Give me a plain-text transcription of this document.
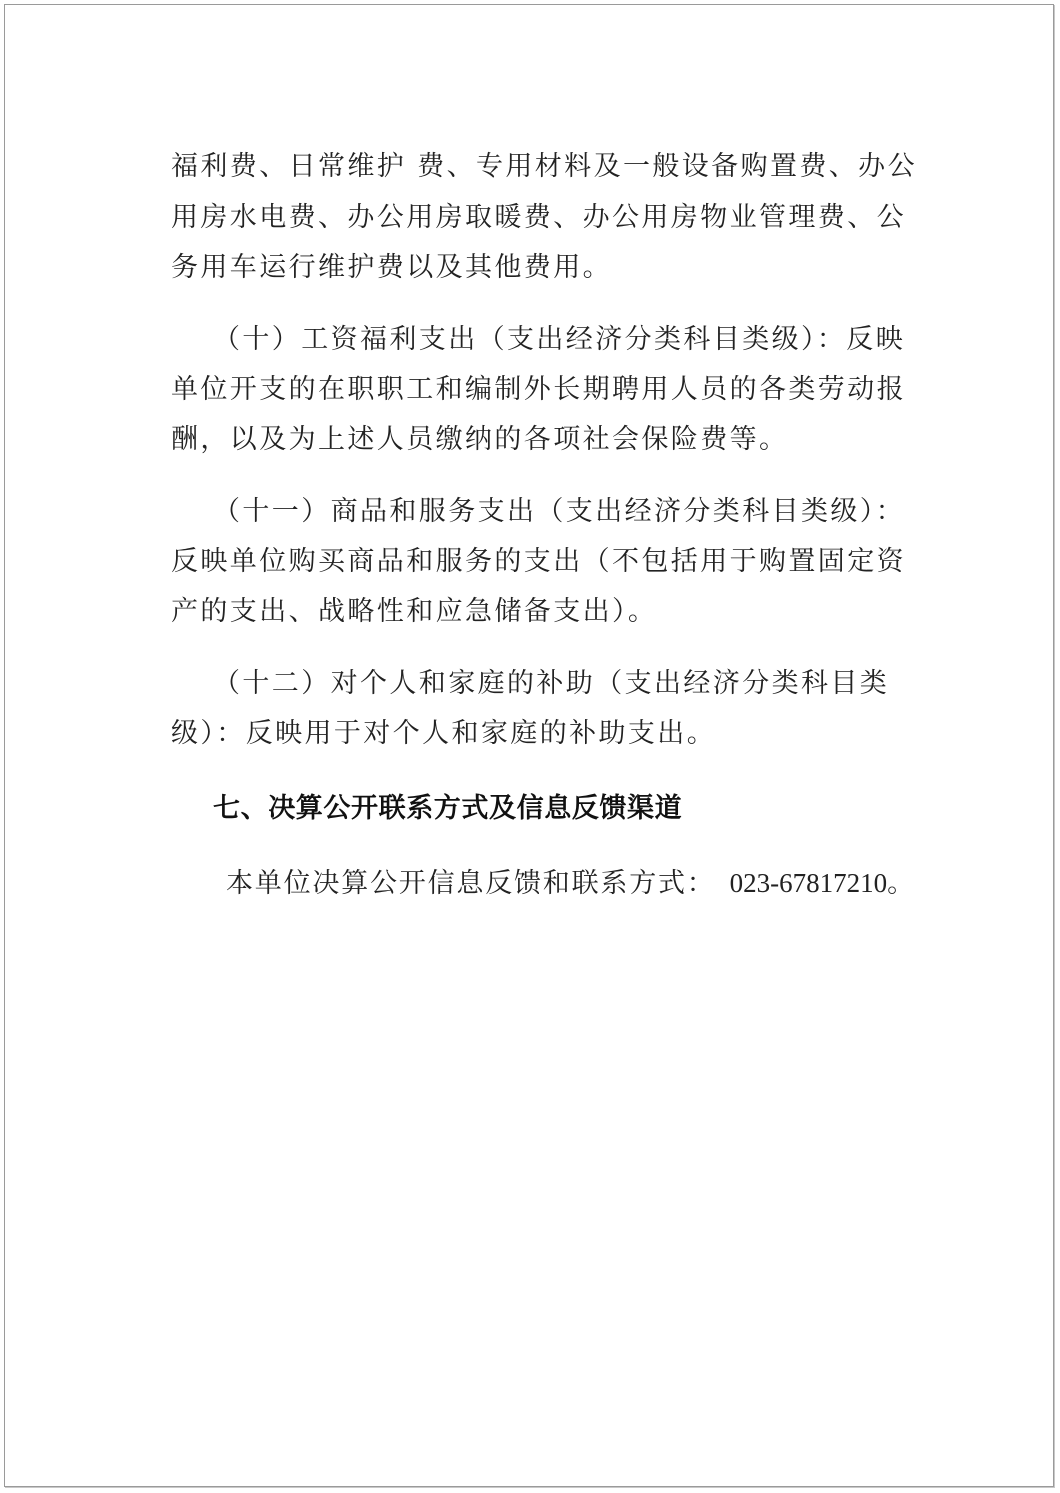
福利费、日常维护 费、专用材料及一般设备购置费、办公

用房水电费、办公用房取暖费、办公用房物业管理费、公

务用车运行维护费以及其他费用。

（十）工资福利支出（支出经济分类科目类级）：反映

单位开支的在职职工和编制外长期聘用人员的各类劳动报

酬，以及为上述人员缴纳的各项社会保险费等。

（十一）商品和服务支出（支出经济分类科目类级）：

反映单位购买商品和服务的支出（不包括用于购置固定资

产的支出、战略性和应急储备支出）。

（十二）对个人和家庭的补助（支出经济分类科目类

级）：反映用于对个人和家庭的补助支出。

七、决算公开联系方式及信息反馈渠道

本单位决算公开信息反馈和联系方式： 023-67817210。
